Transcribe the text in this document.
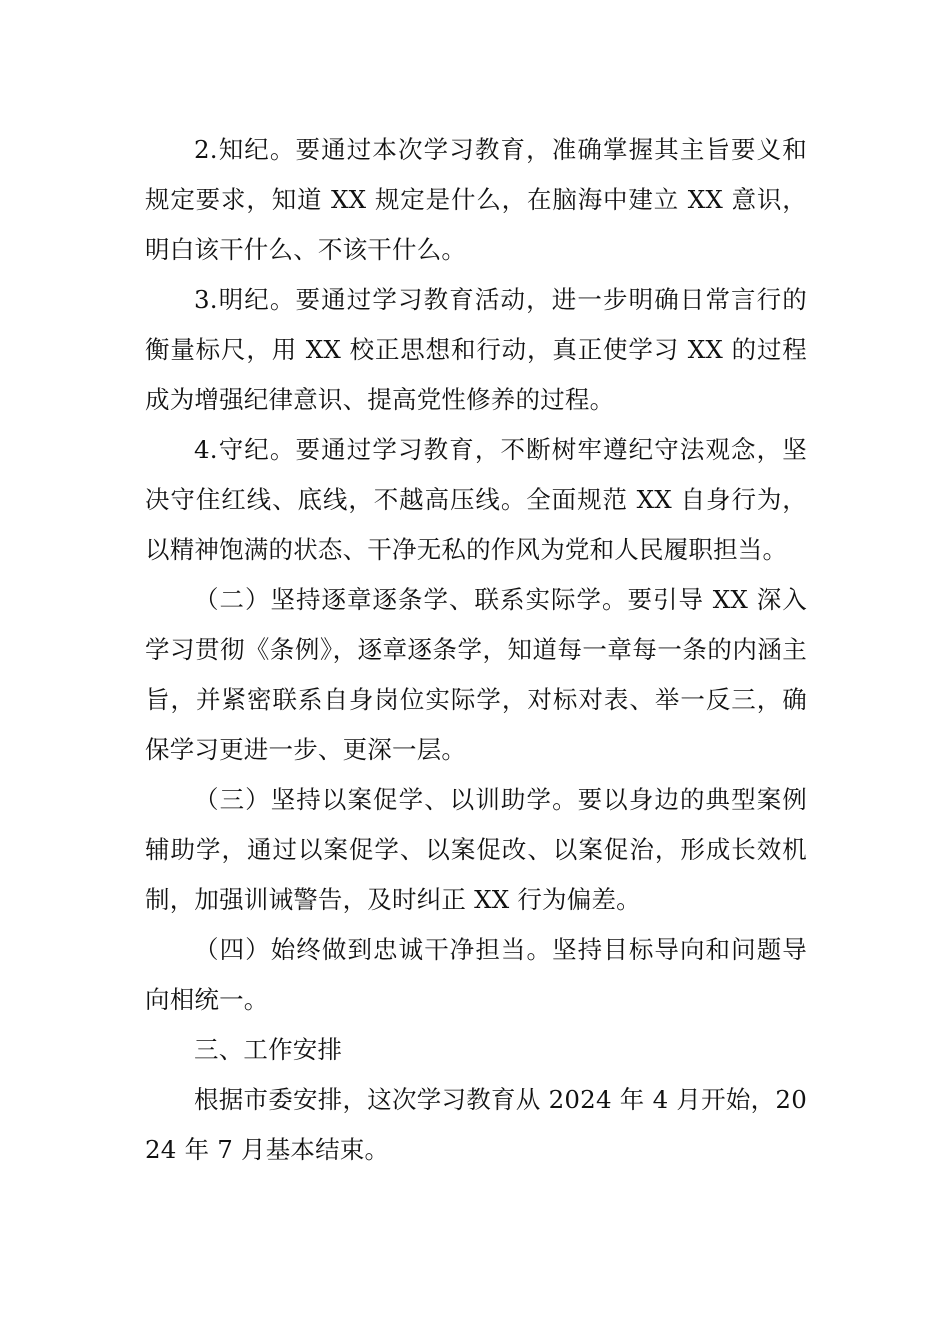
2.知纪。要通过本次学习教育，准确掌握其主旨要义和规定要求，知道 XX 规定是什么，在脑海中建立 XX 意识，明白该干什么、不该干什么。

3.明纪。要通过学习教育活动，进一步明确日常言行的衡量标尺，用 XX 校正思想和行动，真正使学习 XX 的过程成为增强纪律意识、提高党性修养的过程。

4.守纪。要通过学习教育，不断树牢遵纪守法观念，坚决守住红线、底线，不越高压线。全面规范 XX 自身行为，以精神饱满的状态、干净无私的作风为党和人民履职担当。

（二）坚持逐章逐条学、联系实际学。要引导 XX 深入学习贯彻《条例》，逐章逐条学，知道每一章每一条的内涵主旨，并紧密联系自身岗位实际学，对标对表、举一反三，确保学习更进一步、更深一层。

（三）坚持以案促学、以训助学。要以身边的典型案例辅助学，通过以案促学、以案促改、以案促治，形成长效机制，加强训诫警告，及时纠正 XX 行为偏差。

（四）始终做到忠诚干净担当。坚持目标导向和问题导向相统一。

三、工作安排

根据市委安排，这次学习教育从 2024 年 4 月开始，2024 年 7 月基本结束。
